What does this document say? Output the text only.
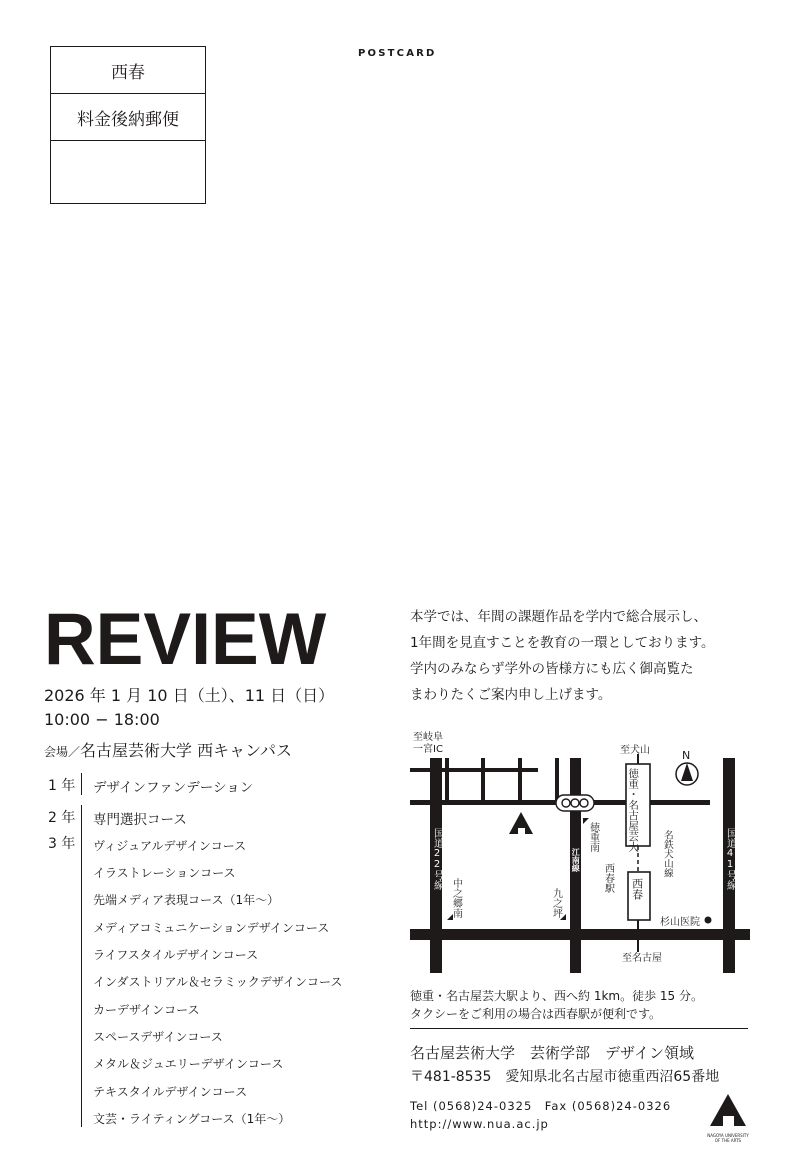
西春
料金後納郵便
POSTCARD
REVIEW
2026 年 1 月 10 日（土）、11 日（日）
10:00 − 18:00
会場／名古屋芸術大学 西キャンパス
1 年 デザインファンデーション
2 年
3 年
専門選択コース
ヴィジュアルデザインコース
イラストレーションコース
先端メディア表現コース（1年〜）
メディアコミュニケーションデザインコース
ライフスタイルデザインコース
インダストリアル＆セラミックデザインコース
カーデザインコース
スペースデザインコース
メタル＆ジュエリーデザインコース
テキスタイルデザインコース
文芸・ライティングコース（1年〜）
本学では、年間の課題作品を学内で総合展示し、
1年間を見直すことを教育の一環としております。
学内のみならず学外の皆様方にも広く御高覧た
まわりたくご案内申し上げます。
至岐阜
一宮IC	至犬山	N
至名古屋
杉山医院
国道22号線	国道41号線
江南線
徳重南
西春駅
中之郷南	九之坪
名鉄犬山線
徳重・名古屋芸大
西春
徳重・名古屋芸大駅より、西へ約 1km。徒歩 15 分。
タクシーをご利用の場合は西春駅が便利です。
名古屋芸術大学　芸術学部　デザイン領域
〒481-8535　愛知県北名古屋市徳重西沼65番地
Tel (0568)24-0325　Fax (0568)24-0326
http://www.nua.ac.jp
NAGOYA UNIVERSITY OF THE ARTS
